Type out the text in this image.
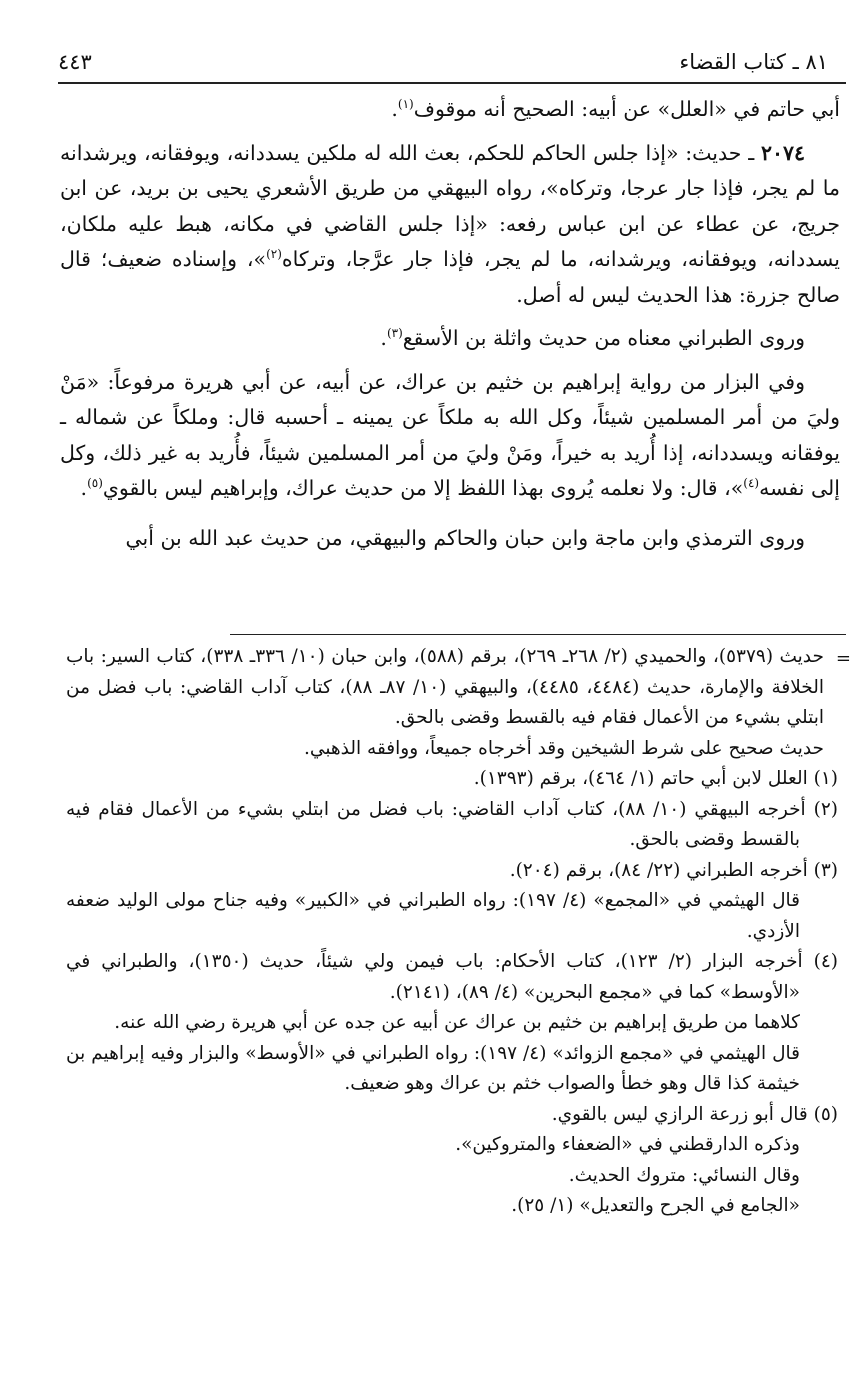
٨١ ـ كتاب القضاء
٤٤٣

أبي حاتم في «العلل» عن أبيه: الصحيح أنه موقوف$^{(١)}$.

٢٠٧٤ ـ حديث: «إذا جلس الحاكم للحكم، بعث الله له ملكين يسددانه، ويوفقانه، ويرشدانه ما لم يجر، فإذا جار عرجا، وتركاه»، رواه البيهقي من طريق الأشعري يحيى بن بريد، عن ابن جريج، عن عطاء عن ابن عباس رفعه: «إذا جلس القاضي في مكانه، هبط عليه ملكان، يسددانه، ويوفقانه، ويرشدانه، ما لم يجر، فإذا جار عرَّجا، وتركاه$^{(٢)}$»، وإسناده ضعيف؛ قال صالح جزرة: هذا الحديث ليس له أصل.

وروى الطبراني معناه من حديث واثلة بن الأسقع$^{(٣)}$.

وفي البزار من رواية إبراهيم بن خثيم بن عراك، عن أبيه، عن أبي هريرة مرفوعاً: «مَنْ وليَ من أمر المسلمين شيئاً، وكل الله به ملكاً عن يمينه ـ أحسبه قال: وملكاً عن شماله ـ يوفقانه ويسددانه، إذا أُريد به خيراً، ومَنْ وليَ من أمر المسلمين شيئاً، فأُريد به غير ذلك، وكل إلى نفسه$^{(٤)}$»، قال: ولا نعلمه يُروى بهذا اللفظ إلا من حديث عراك، وإبراهيم ليس بالقوي$^{(٥)}$.

وروى الترمذي وابن ماجة وابن حبان والحاكم والبيهقي، من حديث عبد الله بن أبي

=

حديث (٥٣٧٩)، والحميدي (٢/ ٢٦٨ـ ٢٦٩)، برقم (٥٨٨)، وابن حبان (١٠/ ٣٣٦ـ ٣٣٨)، كتاب السير: باب الخلافة والإمارة، حديث (٤٤٨٤، ٤٤٨٥)، والبيهقي (١٠/ ٨٧ـ ٨٨)، كتاب آداب القاضي: باب فضل من ابتلي بشيء من الأعمال فقام فيه بالقسط وقضى بالحق.

حديث صحيح على شرط الشيخين وقد أخرجاه جميعاً، ووافقه الذهبي.

(١) العلل لابن أبي حاتم (١/ ٤٦٤)، برقم (١٣٩٣).

(٢) أخرجه البيهقي (١٠/ ٨٨)، كتاب آداب القاضي: باب فضل من ابتلي بشيء من الأعمال فقام فيه بالقسط وقضى بالحق.

(٣) أخرجه الطبراني (٢٢/ ٨٤)، برقم (٢٠٤).

قال الهيثمي في «المجمع» (٤/ ١٩٧): رواه الطبراني في «الكبير» وفيه جناح مولى الوليد ضعفه الأزدي.

(٤) أخرجه البزار (٢/ ١٢٣)، كتاب الأحكام: باب فيمن ولي شيئاً، حديث (١٣٥٠)، والطبراني في «الأوسط» كما في «مجمع البحرين» (٤/ ٨٩)، (٢١٤١).

كلاهما من طريق إبراهيم بن خثيم بن عراك عن أبيه عن جده عن أبي هريرة رضي الله عنه.

قال الهيثمي في «مجمع الزوائد» (٤/ ١٩٧): رواه الطبراني في «الأوسط» والبزار وفيه إبراهيم بن خيثمة كذا قال وهو خطأ والصواب خثم بن عراك وهو ضعيف.

(٥) قال أبو زرعة الرازي ليس بالقوي.

وذكره الدارقطني في «الضعفاء والمتروكين».

وقال النسائي: متروك الحديث.

«الجامع في الجرح والتعديل» (١/ ٢٥).
